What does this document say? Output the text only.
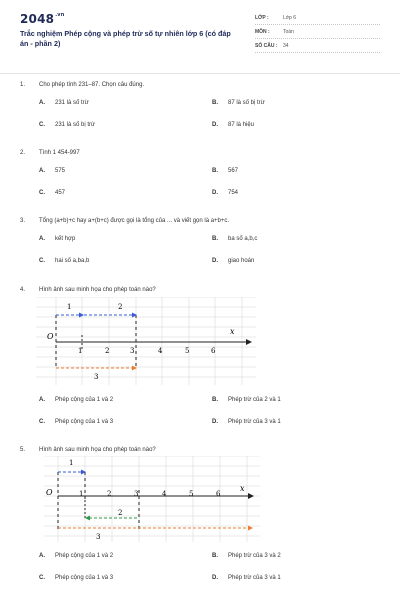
$2048^{.vn}$
Trắc nghiệm Phép cộng và phép trừ số tự nhiên lớp 6 (có đáp án - phần 2)
LỚP :	Lớp 6
MÔN :	Toán
SỐ CÂU :	34
1. Cho phép tính 231–87. Chọn câu đúng.
A. 231 là số trừ	B. 87 là số bị trừ
C. 231 là số bị trừ	D. 87 là hiệu
2. Tính 1 454-997
A. 575	B. 567
C. 457	D. 754
3. Tổng (a+b)+c hay a+(b+c) được gọi là tổng của ... và viết gọn là a+b+c.
A. kết hợp	B. ba số a,b,c
C. hai số a,ba,b	D. giao hoán
4. Hình ảnh sau minh họa cho phép toán nào?
x
O
1	2	3	4	5	6
1	2
3
A. Phép cộng của 1 và 2	B. Phép trừ của 2 và 1
C. Phép cộng của 1 và 3	D. Phép trừ của 3 và 1
5. Hình ảnh sau minh họa cho phép toán nào?
x
O	1	2	3	4	5	6
1
2
3
A. Phép cộng của 1 và 2	B. Phép trừ của 3 và 2
C. Phép cộng của 1 và 3	D. Phép trừ của 3 và 1
